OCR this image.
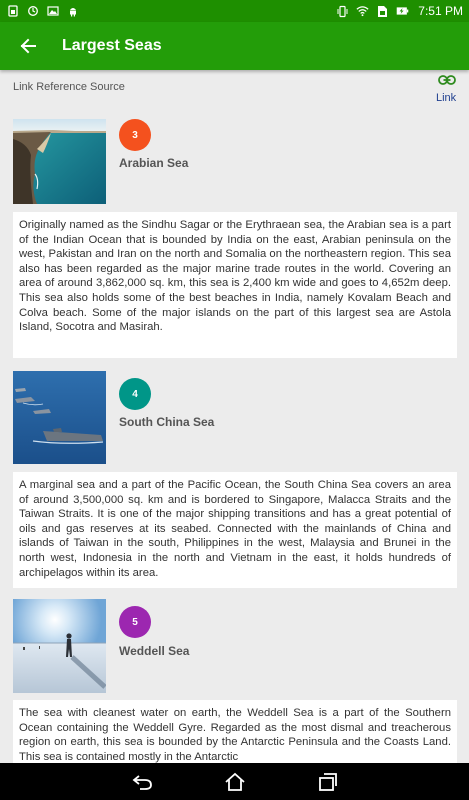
7:51 PM
Largest Seas
Link Reference Source
Link
3
Arabian Sea
Originally named as the Sindhu Sagar or the Erythraean sea, the Arabian sea is a part of the Indian Ocean that is bounded by India on the east, Arabian peninsula on the west, Pakistan and Iran on the north and Somalia on the northeastern region. This sea also has been regarded as the major marine trade routes in the world. Covering an area of around 3,862,000 sq. km, this sea is 2,400 km wide and goes to 4,652m deep. This sea also holds some of the best beaches in India, namely Kovalam Beach and Colva beach. Some of the major islands on the part of this largest sea are Astola Island, Socotra and Masirah.
4
South China Sea
A marginal sea and a part of the Pacific Ocean, the South China Sea covers an area of around 3,500,000 sq. km and is bordered to Singapore, Malacca Straits and the Taiwan Straits. It is one of the major shipping transitions and has a great potential of oils and gas reserves at its seabed. Connected with the mainlands of China and islands of Taiwan in the south, Philippines in the west, Malaysia and Brunei in the north west, Indonesia in the north and Vietnam in the east, it holds hundreds of archipelagos within its area.
5
Weddell Sea
The sea with cleanest water on earth, the Weddell Sea is a part of the Southern Ocean containing the Weddell Gyre. Regarded as the most dismal and treacherous region on earth, this sea is bounded by the Antarctic Peninsula and the Coasts Land. This sea is contained mostly in the Antarctic
